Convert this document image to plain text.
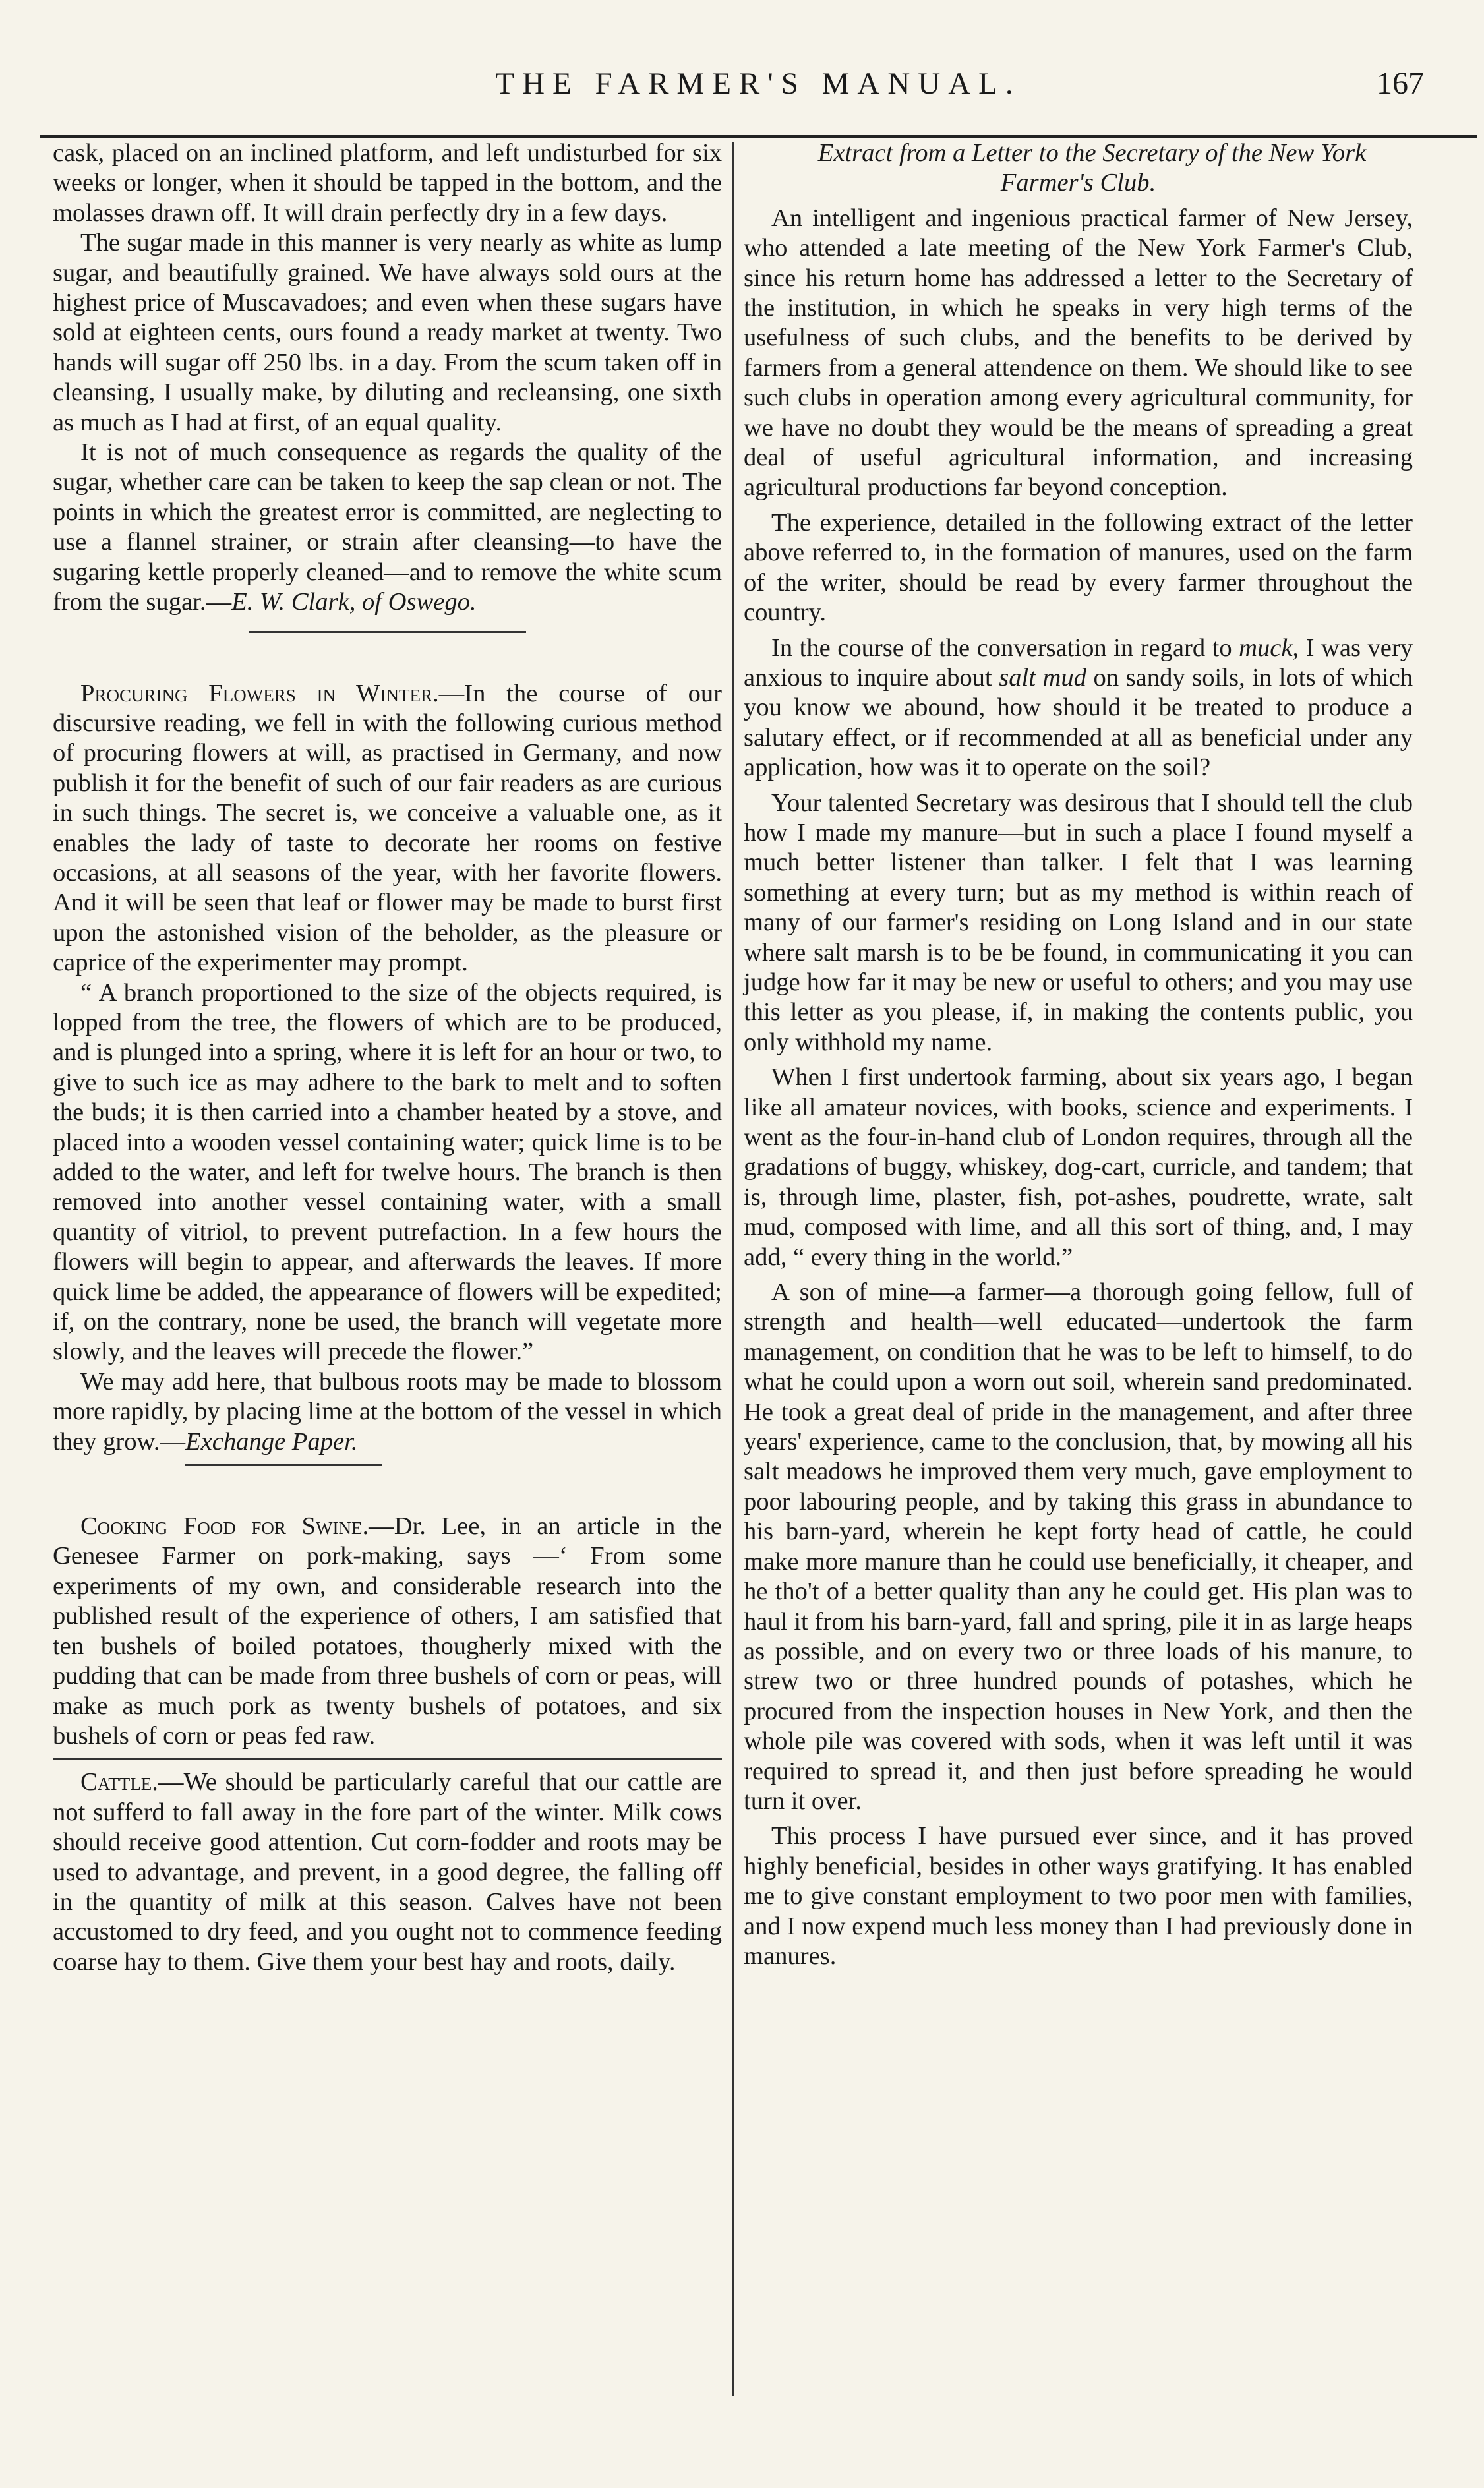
THE FARMER'S MANUAL.	167

cask, placed on an inclined platform, and left undisturbed for six weeks or longer, when it should be tapped in the bottom, and the molasses drawn off. It will drain perfectly dry in a few days.

The sugar made in this manner is very nearly as white as lump sugar, and beautifully grained. We have always sold ours at the highest price of Muscavadoes; and even when these sugars have sold at eighteen cents, ours found a ready market at twenty. Two hands will sugar off 250 lbs. in a day. From the scum taken off in cleansing, I usually make, by diluting and recleansing, one sixth as much as I had at first, of an equal quality.

It is not of much consequence as regards the quality of the sugar, whether care can be taken to keep the sap clean or not. The points in which the greatest error is committed, are neglecting to use a flannel strainer, or strain after cleansing—to have the sugaring kettle properly cleaned—and to remove the white scum from the sugar.—E. W. Clark, of Oswego.

Procuring Flowers in Winter.—In the course of our discursive reading, we fell in with the following curious method of procuring flowers at will, as practised in Germany, and now publish it for the benefit of such of our fair readers as are curious in such things. The secret is, we conceive a valuable one, as it enables the lady of taste to decorate her rooms on festive occasions, at all seasons of the year, with her favorite flowers. And it will be seen that leaf or flower may be made to burst first upon the astonished vision of the beholder, as the pleasure or caprice of the experimenter may prompt.

“ A branch proportioned to the size of the objects required, is lopped from the tree, the flowers of which are to be produced, and is plunged into a spring, where it is left for an hour or two, to give to such ice as may adhere to the bark to melt and to soften the buds; it is then carried into a chamber heated by a stove, and placed into a wooden vessel containing water; quick lime is to be added to the water, and left for twelve hours. The branch is then removed into another vessel containing water, with a small quantity of vitriol, to prevent putrefaction. In a few hours the flowers will begin to appear, and afterwards the leaves. If more quick lime be added, the appearance of flowers will be expedited; if, on the contrary, none be used, the branch will vegetate more slowly, and the leaves will precede the flower.”

We may add here, that bulbous roots may be made to blossom more rapidly, by placing lime at the bottom of the vessel in which they grow.—Exchange Paper.

Cooking Food for Swine.—Dr. Lee, in an article in the Genesee Farmer on pork-making, says —‘ From some experiments of my own, and considerable research into the published result of the experience of others, I am satisfied that ten bushels of boiled potatoes, thougherly mixed with the pudding that can be made from three bushels of corn or peas, will make as much pork as twenty bushels of potatoes, and six bushels of corn or peas fed raw.

Cattle.—We should be particularly careful that our cattle are not sufferd to fall away in the fore part of the winter. Milk cows should receive good attention. Cut corn-fodder and roots may be used to advantage, and prevent, in a good degree, the falling off in the quantity of milk at this season. Calves have not been accustomed to dry feed, and you ought not to commence feeding coarse hay to them. Give them your best hay and roots, daily.

Extract from a Letter to the Secretary of the New York Farmer's Club.

An intelligent and ingenious practical farmer of New Jersey, who attended a late meeting of the New York Farmer's Club, since his return home has addressed a letter to the Secretary of the institution, in which he speaks in very high terms of the usefulness of such clubs, and the benefits to be derived by farmers from a general attendence on them. We should like to see such clubs in operation among every agricultural community, for we have no doubt they would be the means of spreading a great deal of useful agricultural information, and increasing agricultural productions far beyond conception.

The experience, detailed in the following extract of the letter above referred to, in the formation of manures, used on the farm of the writer, should be read by every farmer throughout the country.

In the course of the conversation in regard to muck, I was very anxious to inquire about salt mud on sandy soils, in lots of which you know we abound, how should it be treated to produce a salutary effect, or if recommended at all as beneficial under any application, how was it to operate on the soil?

Your talented Secretary was desirous that I should tell the club how I made my manure—but in such a place I found myself a much better listener than talker. I felt that I was learning something at every turn; but as my method is within reach of many of our farmer's residing on Long Island and in our state where salt marsh is to be be found, in communicating it you can judge how far it may be new or useful to others; and you may use this letter as you please, if, in making the contents public, you only withhold my name.

When I first undertook farming, about six years ago, I began like all amateur novices, with books, science and experiments. I went as the four-in-hand club of London requires, through all the gradations of buggy, whiskey, dog-cart, curricle, and tandem; that is, through lime, plaster, fish, pot-ashes, poudrette, wrate, salt mud, composed with lime, and all this sort of thing, and, I may add, “ every thing in the world.”

A son of mine—a farmer—a thorough going fellow, full of strength and health—well educated—undertook the farm management, on condition that he was to be left to himself, to do what he could upon a worn out soil, wherein sand predominated. He took a great deal of pride in the management, and after three years' experience, came to the conclusion, that, by mowing all his salt meadows he improved them very much, gave employment to poor labouring people, and by taking this grass in abundance to his barn-yard, wherein he kept forty head of cattle, he could make more manure than he could use beneficially, it cheaper, and he tho't of a better quality than any he could get. His plan was to haul it from his barn-yard, fall and spring, pile it in as large heaps as possible, and on every two or three loads of his manure, to strew two or three hundred pounds of potashes, which he procured from the inspection houses in New York, and then the whole pile was covered with sods, when it was left until it was required to spread it, and then just before spreading he would turn it over.

This process I have pursued ever since, and it has proved highly beneficial, besides in other ways gratifying. It has enabled me to give constant employment to two poor men with families, and I now expend much less money than I had previously done in manures.
